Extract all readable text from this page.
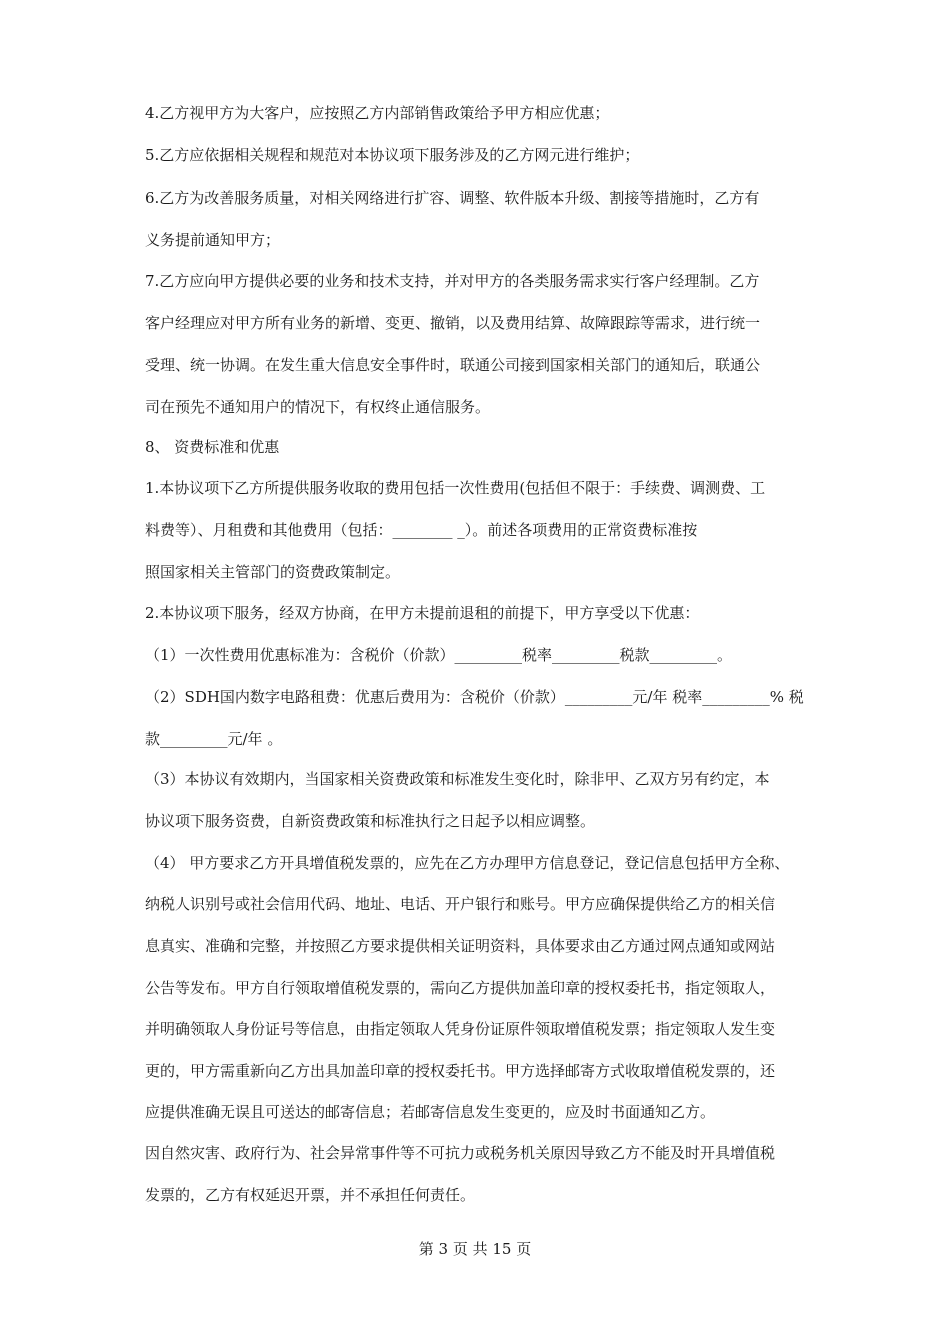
4.乙方视甲方为大客户，应按照乙方内部销售政策给予甲方相应优惠；
5.乙方应依据相关规程和规范对本协议项下服务涉及的乙方网元进行维护；
6.乙方为改善服务质量，对相关网络进行扩容、调整、软件版本升级、割接等措施时，乙方有
义务提前通知甲方；
7.乙方应向甲方提供必要的业务和技术支持，并对甲方的各类服务需求实行客户经理制。乙方
客户经理应对甲方所有业务的新增、变更、撤销，以及费用结算、故障跟踪等需求，进行统一
受理、统一协调。在发生重大信息安全事件时，联通公司接到国家相关部门的通知后，联通公
司在预先不通知用户的情况下，有权终止通信服务。
8、 资费标准和优惠
1.本协议项下乙方所提供服务收取的费用包括一次性费用(包括但不限于：手续费、调测费、工
料费等）、月租费和其他费用（包括：________ _）。前述各项费用的正常资费标准按
照国家相关主管部门的资费政策制定。
2.本协议项下服务，经双方协商，在甲方未提前退租的前提下，甲方享受以下优惠：
（1）一次性费用优惠标准为：含税价（价款）_________税率_________税款_________。
（2）SDH国内数字电路租费：优惠后费用为：含税价（价款）_________元/年 税率_________% 税
款_________元/年 。
（3）本协议有效期内，当国家相关资费政策和标准发生变化时，除非甲、乙双方另有约定，本
协议项下服务资费，自新资费政策和标准执行之日起予以相应调整。
（4） 甲方要求乙方开具增值税发票的，应先在乙方办理甲方信息登记，登记信息包括甲方全称、
纳税人识别号或社会信用代码、地址、电话、开户银行和账号。甲方应确保提供给乙方的相关信
息真实、准确和完整，并按照乙方要求提供相关证明资料，具体要求由乙方通过网点通知或网站
公告等发布。甲方自行领取增值税发票的，需向乙方提供加盖印章的授权委托书，指定领取人，
并明确领取人身份证号等信息，由指定领取人凭身份证原件领取增值税发票；指定领取人发生变
更的，甲方需重新向乙方出具加盖印章的授权委托书。甲方选择邮寄方式收取增值税发票的，还
应提供准确无误且可送达的邮寄信息；若邮寄信息发生变更的，应及时书面通知乙方。
因自然灾害、政府行为、社会异常事件等不可抗力或税务机关原因导致乙方不能及时开具增值税
发票的，乙方有权延迟开票，并不承担任何责任。
第 3 页 共 15 页
